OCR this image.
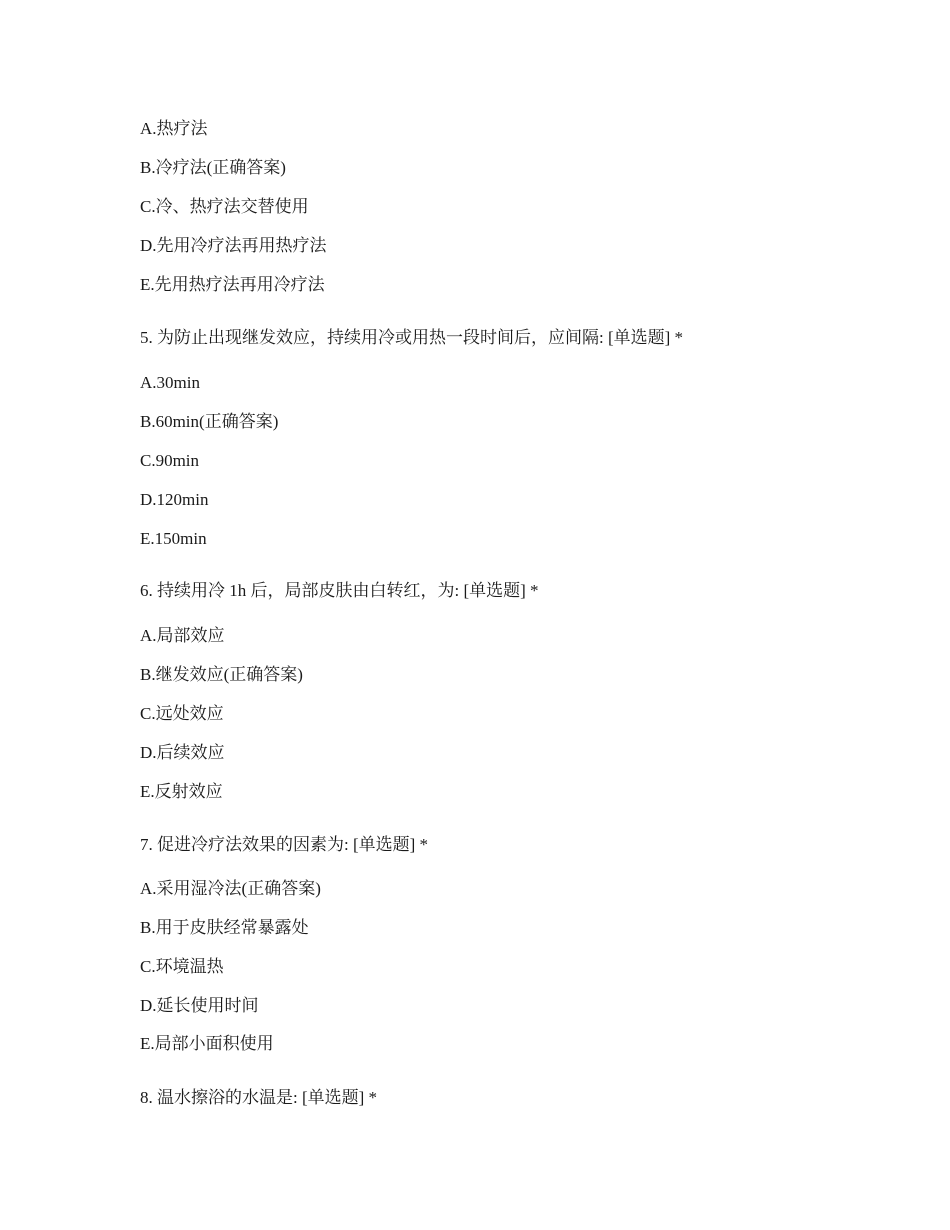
A.热疗法
B.冷疗法(正确答案)
C.冷、热疗法交替使用
D.先用冷疗法再用热疗法
E.先用热疗法再用冷疗法
5. 为防止出现继发效应，持续用冷或用热一段时间后，应间隔: [单选题] *
A.30min
B.60min(正确答案)
C.90min
D.120min
E.150min
6. 持续用冷 1h 后，局部皮肤由白转红，为: [单选题] *
A.局部效应
B.继发效应(正确答案)
C.远处效应
D.后续效应
E.反射效应
7. 促进冷疗法效果的因素为: [单选题] *
A.采用湿冷法(正确答案)
B.用于皮肤经常暴露处
C.环境温热
D.延长使用时间
E.局部小面积使用
8. 温水擦浴的水温是: [单选题] *
